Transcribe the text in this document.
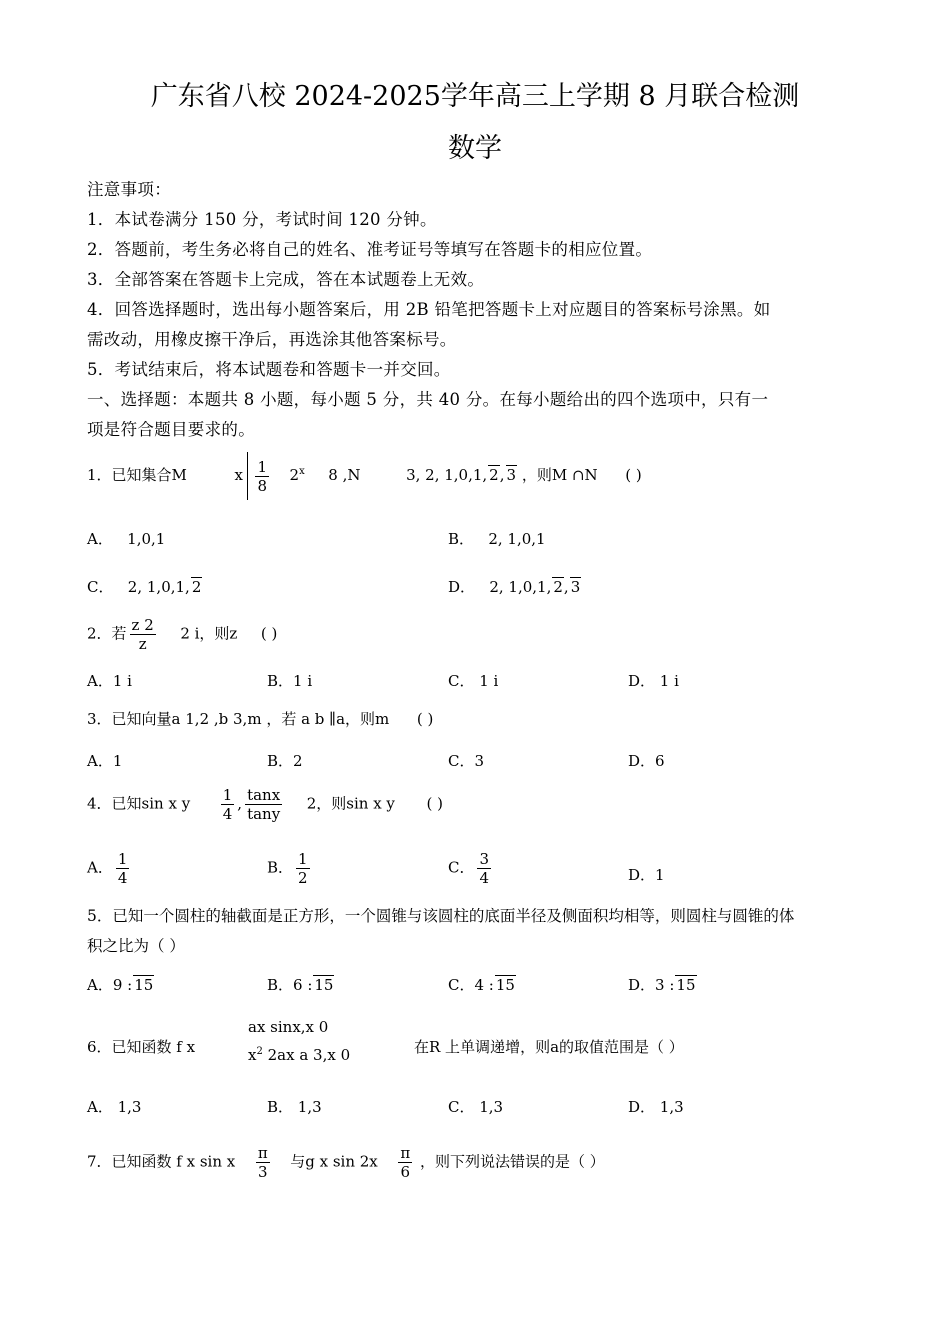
广东省八校 2024-2025学年高三上学期 8 月联合检测
数学
注意事项：
1．本试卷满分 150 分，考试时间 120 分钟。
2．答题前，考生务必将自己的姓名、准考证号等填写在答题卡的相应位置。
3．全部答案在答题卡上完成，答在本试题卷上无效。
4．回答选择题时，选出每小题答案后，用 2B 铅笔把答题卡上对应题目的答案标号涂黑。如
需改动，用橡皮擦干净后，再选涂其他答案标号。
5．考试结束后，将本试题卷和答题卡一并交回。
一、选择题：本题共 8 小题，每小题 5 分，共 40 分。在每小题给出的四个选项中，只有一
项是符合题目要求的。
1．已知集合M	x $\frac{1}{8} 2^x$ 8 ,N	3, 2, 1,0,1, 2, 3 ，则M ∩N ( )
A． 1,0,1	B． 2, 1,0,1
C． 2, 1,0,1, 2	D． 2, 1,0,1, 2, 3
2．若 $\frac{z 2}{z} 2$ i，则z ( )
A．1 i	B．1 i	C． 1 i	D． 1 i
3．已知向量a 1,2 ,b 3,m ，若 a b ∥a，则m ( )
A．1	B．2	C．3	D．6
4．已知sin x y $\frac{1}{4}$ , $\frac{\tan x}{\tan y} 2$，则sin x y ( )
A． $\frac{1}{4}$	B． $\frac{1}{2}$	C． $\frac{3}{4}$	D．1
5．已知一个圆柱的轴截面是正方形，一个圆锥与该圆柱的底面半径及侧面积均相等，则圆柱与圆锥的体
积之比为（ ）
A．9 : 15	B．6 : 15	C．4 : 15	D．3 : 15
6．已知函数 f x
ax sinx,x 0
$x^2$ 2ax a 3,x 0	在R 上单调递增，则a的取值范围是（ ）
A． 1,3	B． 1,3	C． 1,3	D． 1,3
7．已知函数 f x sin x $\frac{\pi}{3}$ 与g x $\sin 2x \frac{\pi}{6}$ ，则下列说法错误的是（ ）
